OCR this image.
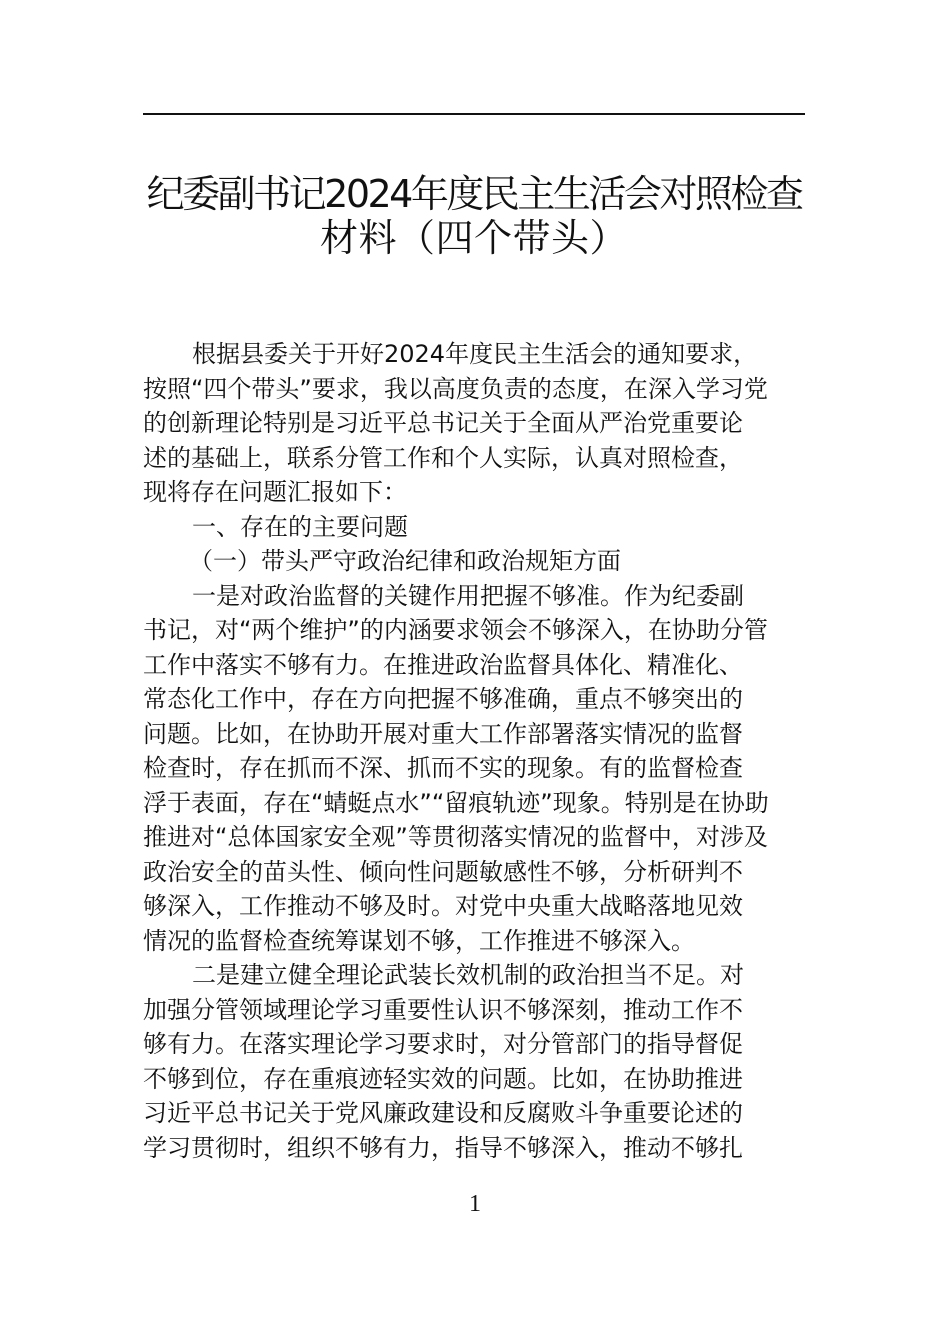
纪委副书记2024年度民主生活会对照检查
材料（四个带头）
根据县委关于开好2024年度民主生活会的通知要求，
按照“四个带头”要求，我以高度负责的态度，在深入学习党
的创新理论特别是习近平总书记关于全面从严治党重要论
述的基础上，联系分管工作和个人实际，认真对照检查，
现将存在问题汇报如下：
一、存在的主要问题
（一）带头严守政治纪律和政治规矩方面
一是对政治监督的关键作用把握不够准。作为纪委副
书记，对“两个维护”的内涵要求领会不够深入，在协助分管
工作中落实不够有力。在推进政治监督具体化、精准化、
常态化工作中，存在方向把握不够准确，重点不够突出的
问题。比如，在协助开展对重大工作部署落实情况的监督
检查时，存在抓而不深、抓而不实的现象。有的监督检查
浮于表面，存在“蜻蜓点水”“留痕轨迹”现象。特别是在协助
推进对“总体国家安全观”等贯彻落实情况的监督中，对涉及
政治安全的苗头性、倾向性问题敏感性不够，分析研判不
够深入，工作推动不够及时。对党中央重大战略落地见效
情况的监督检查统筹谋划不够，工作推进不够深入。
二是建立健全理论武装长效机制的政治担当不足。对
加强分管领域理论学习重要性认识不够深刻，推动工作不
够有力。在落实理论学习要求时，对分管部门的指导督促
不够到位，存在重痕迹轻实效的问题。比如，在协助推进
习近平总书记关于党风廉政建设和反腐败斗争重要论述的
学习贯彻时，组织不够有力，指导不够深入，推动不够扎
1
